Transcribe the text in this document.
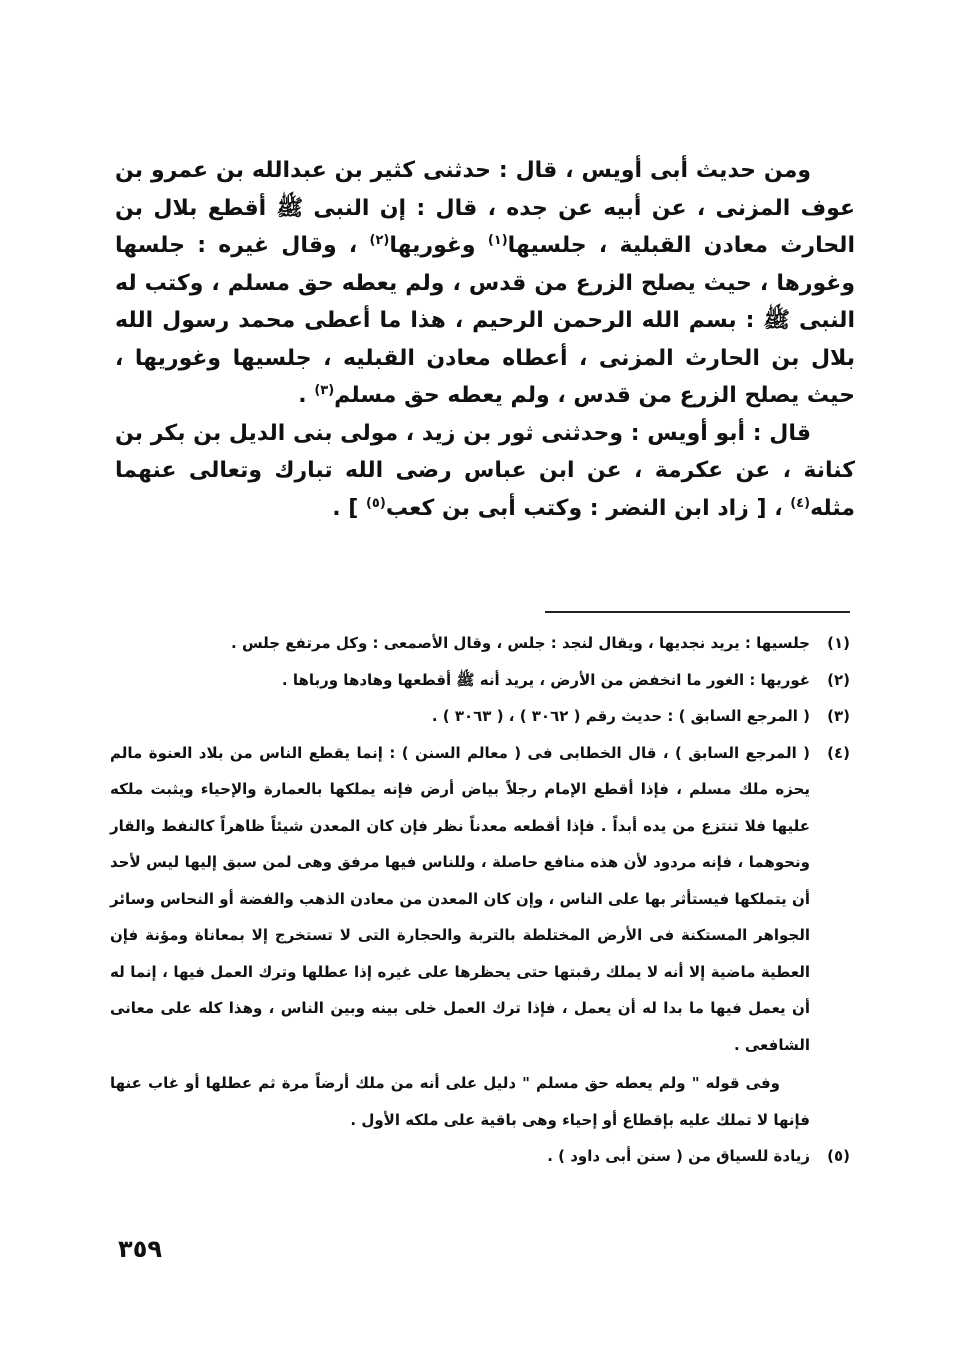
ومن حديث أبى أويس ، قال : حدثنى كثير بن عبدالله بن عمرو بن عوف المزنى ، عن أبيه عن جده ، قال : إن النبى ﷺ أقطع بلال بن الحارث معادن القبلية ، جلسيها$^{(١)}$ وغوريها$^{(٢)}$ ، وقال غيره : جلسها وغورها ، حيث يصلح الزرع من قدس ، ولم يعطه حق مسلم ، وكتب له النبى ﷺ : بسم الله الرحمن الرحيم ، هذا ما أعطى محمد رسول الله بلال بن الحارث المزنى ، أعطاه معادن القبليه ، جلسيها وغوريها ، حيث يصلح الزرع من قدس ، ولم يعطه حق مسلم$^{(٣)}$ .

قال : أبو أويس : وحدثنى ثور بن زيد ، مولى بنى الديل بن بكر بن كنانة ، عن عكرمة ، عن ابن عباس رضى الله تبارك وتعالى عنهما مثله$^{(٤)}$ ، [ زاد ابن النضر : وكتب أبى بن كعب$^{(٥)}$ ] .

(١)
جلسيها : يريد نجديها ، ويقال لنجد : جلس ، وقال الأصمعى : وكل مرتفع جلس .
(٢)
غوريها : الغور ما انخفض من الأرض ، يريد أنه ﷺ أقطعها وهادها ورباها .
(٣)
( المرجع السابق ) : حديث رقم ( ٣٠٦٢ ) ، ( ٣٠٦٣ ) .
(٤)
( المرجع السابق ) ، قال الخطابى فى ( معالم السنن ) : إنما يقطع الناس من بلاد العنوة مالم يحزه ملك مسلم ، فإذا أقطع الإمام رجلاً بياض أرض فإنه يملكها بالعمارة والإحياء ويثبت ملكه عليها فلا تنتزع من يده أبداً . فإذا أقطعه معدناً نظر فإن كان المعدن شيئاً ظاهراً كالنفط والقار ونحوهما ، فإنه مردود لأن هذه منافع حاصلة ، وللناس فيها مرفق وهى لمن سبق إليها ليس لأحد أن يتملكها فيستأثر بها على الناس ، وإن كان المعدن من معادن الذهب والفضة أو النحاس وسائر الجواهر المستكنة فى الأرض المختلطة بالتربة والحجارة التى لا تستخرج إلا بمعاناة ومؤنة فإن العطية ماضية إلا أنه لا يملك رقبتها حتى يحظرها على غيره إذا عطلها وترك العمل فيها ، إنما له أن يعمل فيها ما بدا له أن يعمل ، فإذا ترك العمل خلى بينه وبين الناس ، وهذا كله على معانى الشافعى .
وفى قوله " ولم يعطه حق مسلم " دليل على أنه من ملك أرضاً مرة ثم عطلها أو غاب عنها فإنها لا تملك عليه بإقطاع أو إحياء وهى باقية على ملكه الأول .
(٥)
زيادة للسياق من ( سنن أبى داود ) .
٣٥٩
